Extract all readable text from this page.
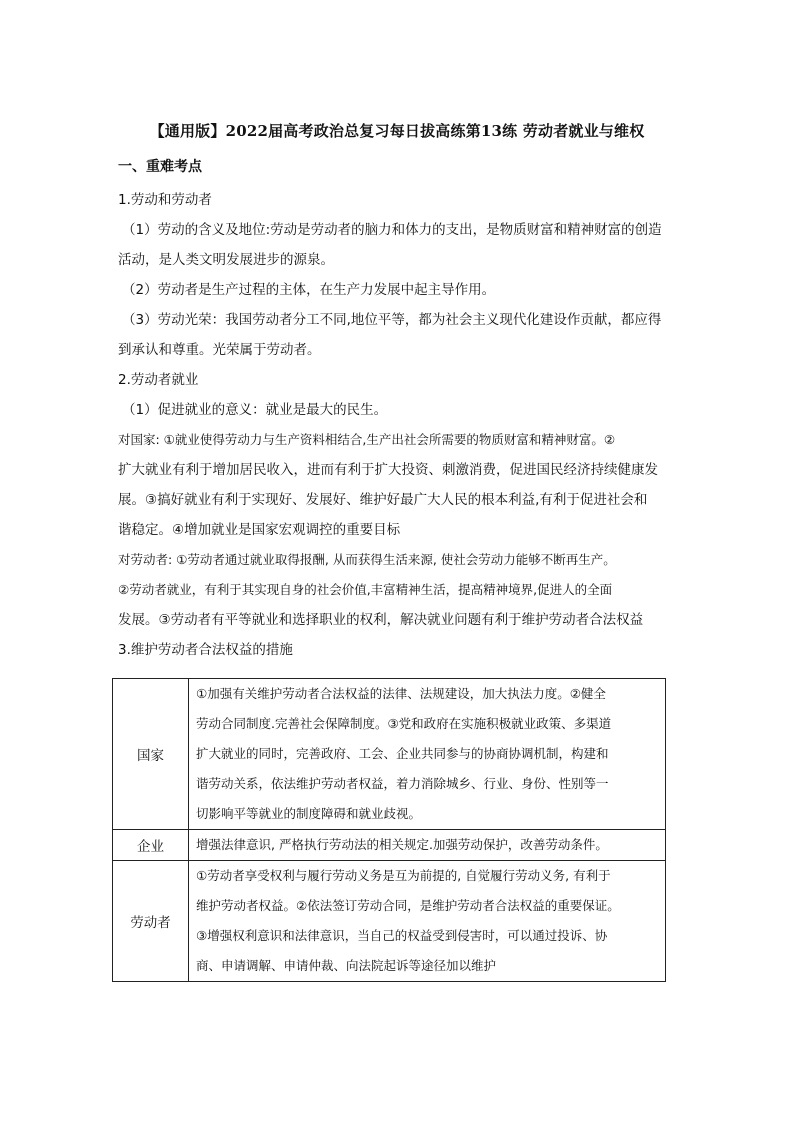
【通用版】2022届高考政治总复习每日拔高练第13练 劳动者就业与维权
一、重难考点
1.劳动和劳动者
（1）劳动的含义及地位:劳动是劳动者的脑力和体力的支出，是物质财富和精神财富的创造
活动，是人类文明发展进步的源泉。
（2）劳动者是生产过程的主体，在生产力发展中起主导作用。
（3）劳动光荣：我国劳动者分工不同,地位平等，都为社会主义现代化建设作贡献，都应得
到承认和尊重。光荣属于劳动者。
2.劳动者就业
（1）促进就业的意义：就业是最大的民生。
对国家: ①就业使得劳动力与生产资料相结合,生产出社会所需要的物质财富和精神财富。②
扩大就业有利于增加居民收入，进而有利于扩大投资、刺激消费，促进国民经济持续健康发
展。③搞好就业有利于实现好、发展好、维护好最广大人民的根本利益,有利于促进社会和
谐稳定。④增加就业是国家宏观调控的重要目标
对劳动者: ①劳动者通过就业取得报酬, 从而获得生活来源, 使社会劳动力能够不断再生产。
②劳动者就业，有利于其实现自身的社会价值,丰富精神生活，提高精神境界,促进人的全面
发展。③劳动者有平等就业和选择职业的权利，解决就业问题有利于维护劳动者合法权益
3.维护劳动者合法权益的措施
国家	①加强有关维护劳动者合法权益的法律、法规建设，加大执法力度。②健全
劳动合同制度.完善社会保障制度。③党和政府在实施积极就业政策、多渠道
扩大就业的同时，完善政府、工会、企业共同参与的协商协调机制，构建和
谐劳动关系，依法维护劳动者权益，着力消除城乡、行业、身份、性别等一
切影响平等就业的制度障碍和就业歧视。

企业	增强法律意识, 严格执行劳动法的相关规定.加强劳动保护，改善劳动条件。

劳动者	①劳动者享受权利与履行劳动义务是互为前提的, 自觉履行劳动义务, 有利于
维护劳动者权益。②依法签订劳动合同，是维护劳动者合法权益的重要保证。
③增强权利意识和法律意识，当自己的权益受到侵害时，可以通过投诉、协
商、申请调解、申请仲裁、向法院起诉等途径加以维护
